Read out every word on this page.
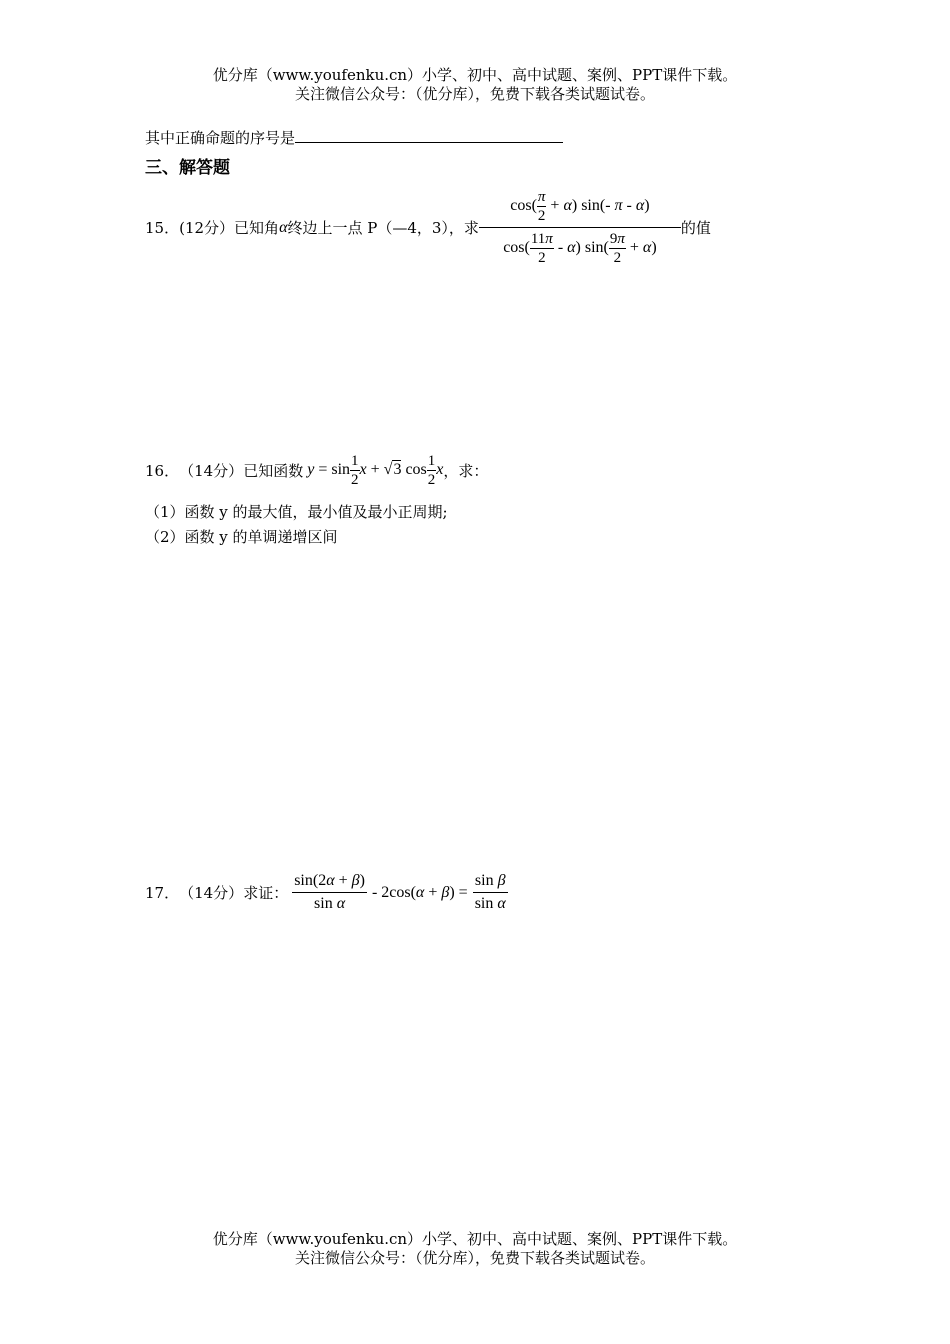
优分库（www.youfenku.cn）小学、初中、高中试题、案例、PPT课件下载。
关注微信公众号：（优分库），免费下载各类试题试卷。
其中正确命题的序号是
三、解答题
15． (12分） 已知角 α 终边上一点 P（—4，3），求 $\frac{\cos( \frac{\pi}{2} + \alpha) \sin(- \pi - \alpha)}{\cos( \frac{11\pi}{2} - \alpha) \sin( \frac{9\pi}{2} + \alpha)}$ 的值
16． （14分） 已知函数 $y = \sin \frac{1}{2}$ x + √3 $\cos \frac{1}{2}$ x ，求：
（1）函数 y 的最大值，最小值及最小正周期;
（2）函数 y 的单调递增区间
17． （14分） 求证： $\frac{\sin(2\alpha + \beta)}{\text{sin α}} - 2\cos(\alpha + \beta) = \frac{\text{sin β}}{\text{sin α}}$
优分库（www.youfenku.cn）小学、初中、高中试题、案例、PPT课件下载。
关注微信公众号：（优分库），免费下载各类试题试卷。
